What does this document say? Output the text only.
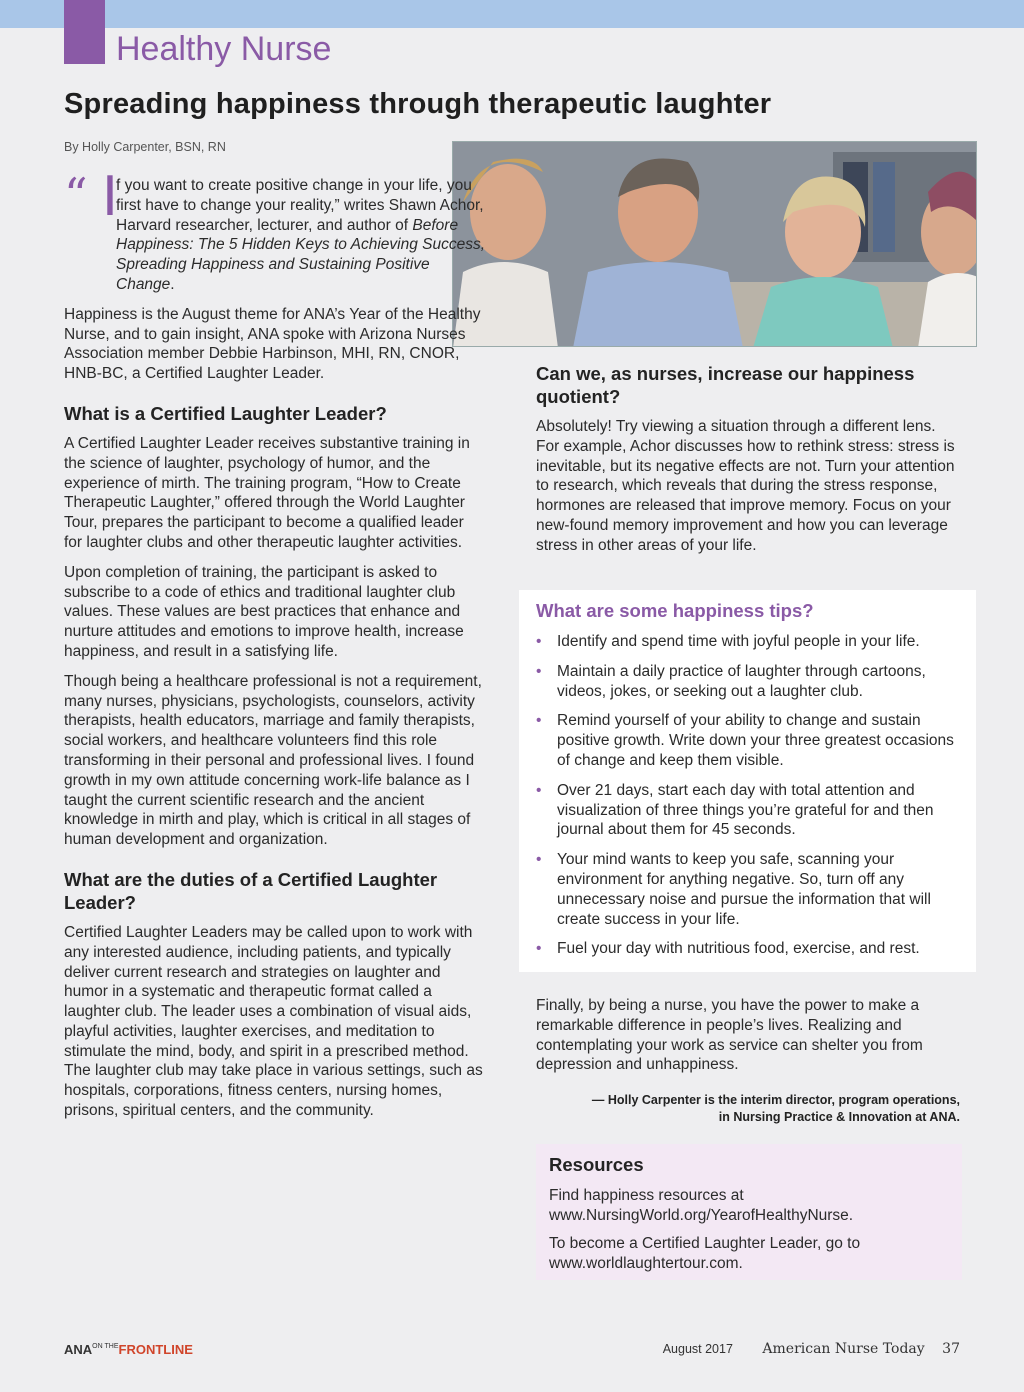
Healthy Nurse
Spreading happiness through therapeutic laughter
By Holly Carpenter, BSN, RN
“ I

f you want to create positive change in your life, you first have to change your reality,” writes Shawn Achor, Harvard researcher, lecturer, and author of Before Happiness: The 5 Hidden Keys to Achieving Success, Spreading Happiness and Sustaining Positive Change.

Happiness is the August theme for ANA’s Year of the Healthy Nurse, and to gain insight, ANA spoke with Arizona Nurses Association member Debbie Harbinson, MHI, RN, CNOR, HNB-BC, a Certified Laughter Leader.

What is a Certified Laughter Leader?

A Certified Laughter Leader receives substantive training in the science of laughter, psychology of humor, and the experience of mirth. The training program, “How to Create Therapeutic Laughter,” offered through the World Laughter Tour, prepares the participant to become a qualified leader for laughter clubs and other therapeutic laughter activities.

Upon completion of training, the participant is asked to subscribe to a code of ethics and traditional laughter club values. These values are best practices that enhance and nurture attitudes and emotions to improve health, increase happiness, and result in a satisfying life.

Though being a healthcare professional is not a requirement, many nurses, physicians, psychologists, counselors, activity therapists, health educators, marriage and family therapists, social workers, and healthcare volunteers find this role transforming in their personal and professional lives. I found growth in my own attitude concerning work-life balance as I taught the current scientific research and the ancient knowledge in mirth and play, which is critical in all stages of human development and organization.

What are the duties of a Certified Laughter Leader?

Certified Laughter Leaders may be called upon to work with any interested audience, including patients, and typically deliver current research and strategies on laughter and humor in a systematic and therapeutic format called a laughter club. The leader uses a combination of visual aids, playful activities, laughter exercises, and meditation to stimulate the mind, body, and spirit in a prescribed method. The laughter club may take place in various settings, such as hospitals, corporations, fitness centers, nursing homes, prisons, spiritual centers, and the community.

Can we, as nurses, increase our happiness quotient?

Absolutely! Try viewing a situation through a different lens. For example, Achor discusses how to rethink stress: stress is inevitable, but its negative effects are not. Turn your attention to research, which reveals that during the stress response, hormones are released that improve memory. Focus on your new-found memory improvement and how you can leverage stress in other areas of your life.

What are some happiness tips?
• Identify and spend time with joyful people in your life.
• Maintain a daily practice of laughter through cartoons, videos, jokes, or seeking out a laughter club.
• Remind yourself of your ability to change and sustain positive growth. Write down your three greatest occasions of change and keep them visible.
• Over 21 days, start each day with total attention and visualization of three things you’re grateful for and then journal about them for 45 seconds.
• Your mind wants to keep you safe, scanning your environment for anything negative. So, turn off any unnecessary noise and pursue the information that will create success in your life.
• Fuel your day with nutritious food, exercise, and rest.

Finally, by being a nurse, you have the power to make a remarkable difference in people’s lives. Realizing and contemplating your work as service can shelter you from depression and unhappiness.

— Holly Carpenter is the interim director, program operations,
in Nursing Practice & Innovation at ANA.
Resources

Find happiness resources at www.NursingWorld.org/YearofHealthyNurse.

To become a Certified Laughter Leader, go to www.worldlaughtertour.com.

$ANA^{ON THE}FRONTLINE$	August 2017 American Nurse Today 37
